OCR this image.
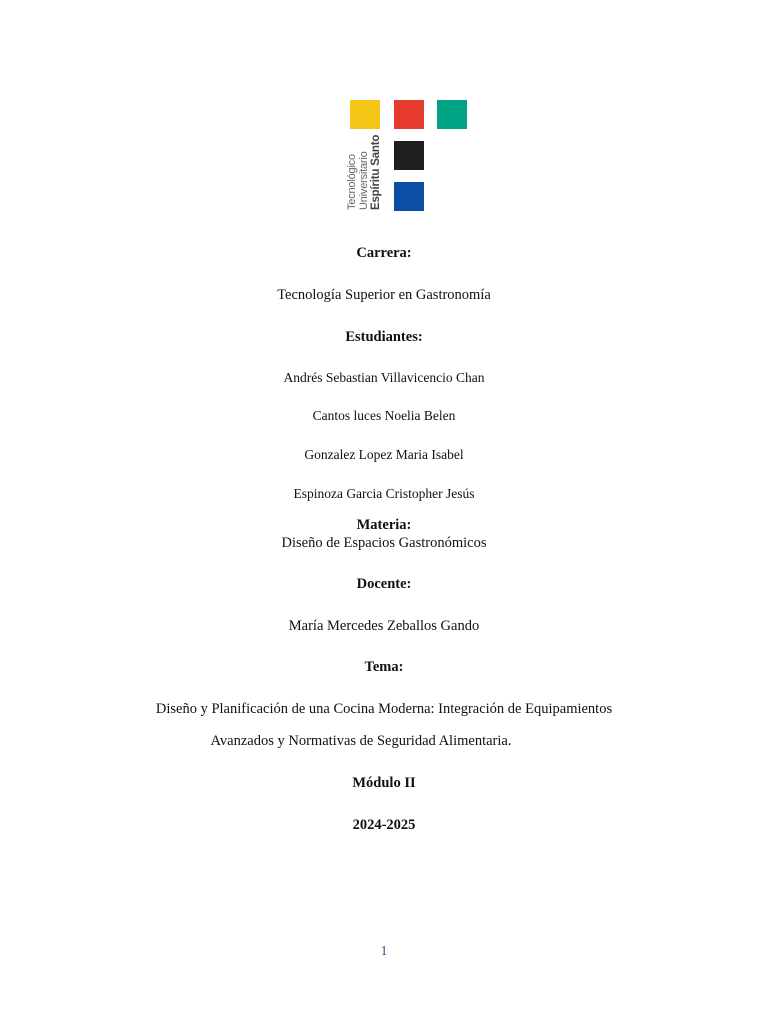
Tecnológico Universitario Espíritu Santo
Carrera:
Tecnología Superior en Gastronomía
Estudiantes:
Andrés Sebastian Villavicencio Chan
Cantos luces Noelia Belen
Gonzalez Lopez Maria Isabel
Espinoza Garcia Cristopher Jesús
Materia:
Diseño de Espacios Gastronómicos
Docente:
María Mercedes Zeballos Gando
Tema:
Diseño y Planificación de una Cocina Moderna: Integración de Equipamientos
Avanzados y Normativas de Seguridad Alimentaria.
Módulo II
2024-2025
1
